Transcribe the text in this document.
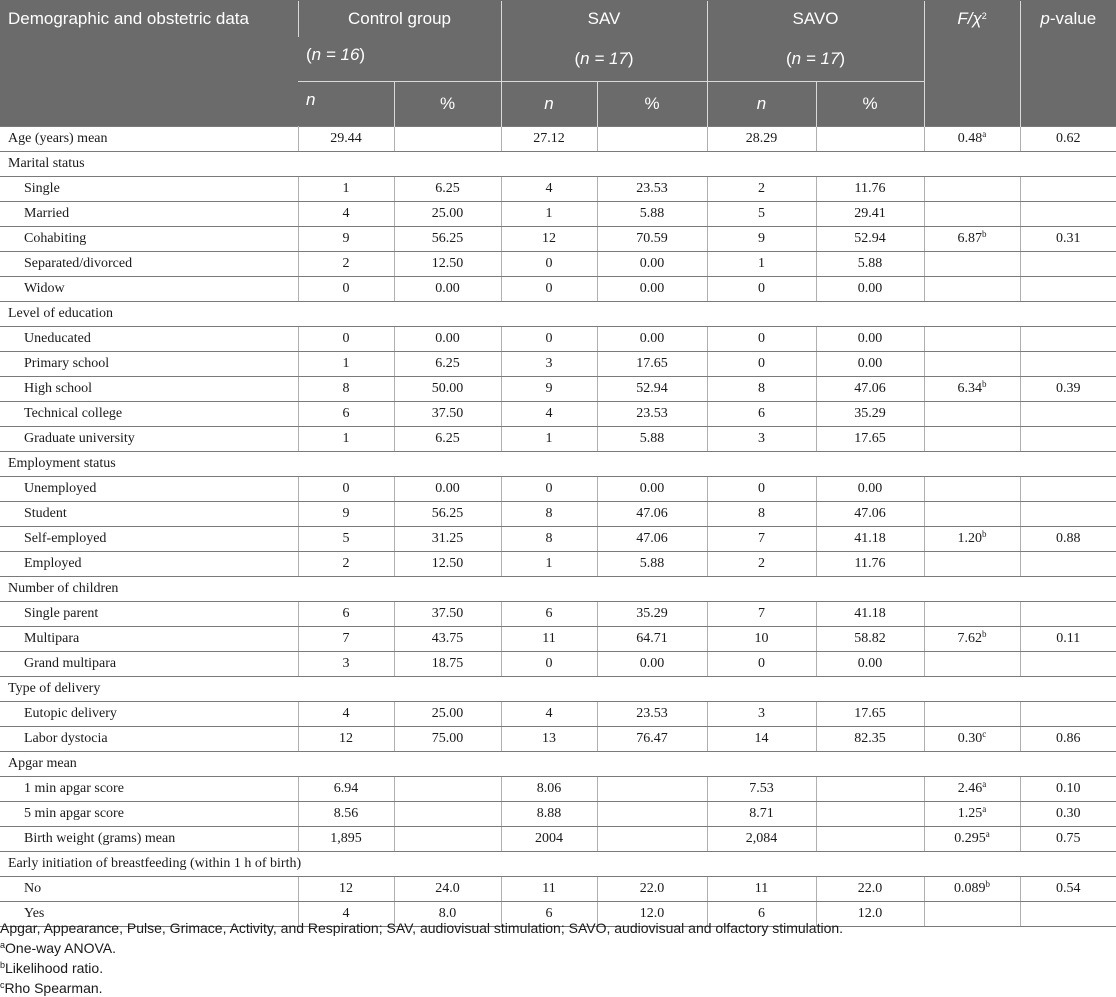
Demographic and obstetric data	Control group		SAV		SAVO		$F/\chi^2$	p-value
	(n = 16)		(n = 17)		(n = 17)			
	n	%	n	%	n	%		
Age (years) mean	29.44		27.12		28.29		0.48$^a$	0.62
Marital status								
Single	1	6.25	4	23.53	2	11.76		
Married	4	25.00	1	5.88	5	29.41		
Cohabiting	9	56.25	12	70.59	9	52.94	6.87$^b$	0.31
Separated/divorced	2	12.50	0	0.00	1	5.88		
Widow	0	0.00	0	0.00	0	0.00		
Level of education								
Uneducated	0	0.00	0	0.00	0	0.00		
Primary school	1	6.25	3	17.65	0	0.00		
High school	8	50.00	9	52.94	8	47.06	6.34$^b$	0.39
Technical college	6	37.50	4	23.53	6	35.29		
Graduate university	1	6.25	1	5.88	3	17.65		
Employment status								
Unemployed	0	0.00	0	0.00	0	0.00		
Student	9	56.25	8	47.06	8	47.06		
Self-employed	5	31.25	8	47.06	7	41.18	1.20$^b$	0.88
Employed	2	12.50	1	5.88	2	11.76		
Number of children								
Single parent	6	37.50	6	35.29	7	41.18		
Multipara	7	43.75	11	64.71	10	58.82	7.62$^b$	0.11
Grand multipara	3	18.75	0	0.00	0	0.00		
Type of delivery								
Eutopic delivery	4	25.00	4	23.53	3	17.65		
Labor dystocia	12	75.00	13	76.47	14	82.35	0.30$^c$	0.86
Apgar mean								
1 min apgar score	6.94		8.06		7.53		2.46$^a$	0.10
5 min apgar score	8.56		8.88		8.71		1.25$^a$	0.30
Birth weight (grams) mean	1,895		2004		2,084		0.295$^a$	0.75
Early initiation of breastfeeding (within 1 h of birth)								
No	12	24.0	11	22.0	11	22.0	0.089$^b$	0.54
Yes	4	8.0	6	12.0	6	12.0		
Apgar, Appearance, Pulse, Grimace, Activity, and Respiration; SAV, audiovisual stimulation; SAVO, audiovisual and olfactory stimulation.
$^a$One-way ANOVA.
$^b$Likelihood ratio.
$^c$Rho Spearman.
